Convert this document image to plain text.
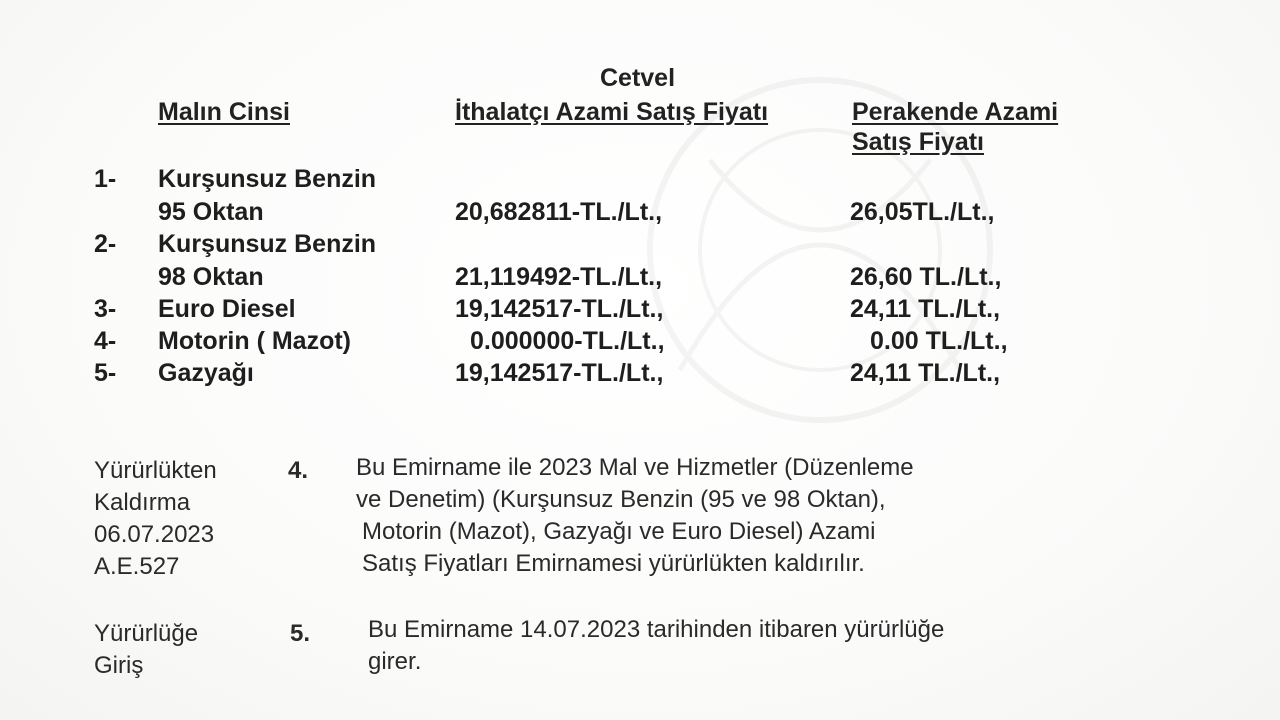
Cetvel
Malın Cinsi	İthalatçı Azami Satış Fiyatı	Perakende Azami
Satış Fiyatı
1- Kurşunsuz Benzin
95 Oktan	20,682811-TL./Lt.,	26,05TL./Lt.,
2- Kurşunsuz Benzin
98 Oktan	21,119492-TL./Lt.,	26,60 TL./Lt.,
3- Euro Diesel	19,142517-TL./Lt.,	24,11 TL./Lt.,
4- Motorin ( Mazot)	0.000000-TL./Lt.,	0.00 TL./Lt.,
5- Gazyağı	19,142517-TL./Lt.,	24,11 TL./Lt.,
Yürürlükten
Kaldırma
06.07.2023
A.E.527
4. Bu Emirname ile 2023 Mal ve Hizmetler (Düzenleme
ve Denetim) (Kurşunsuz Benzin (95 ve 98 Oktan),
Motorin (Mazot), Gazyağı ve Euro Diesel) Azami
Satış Fiyatları Emirnamesi yürürlükten kaldırılır.
Yürürlüğe
Giriş
5. Bu Emirname 14.07.2023 tarihinden itibaren yürürlüğe
girer.
